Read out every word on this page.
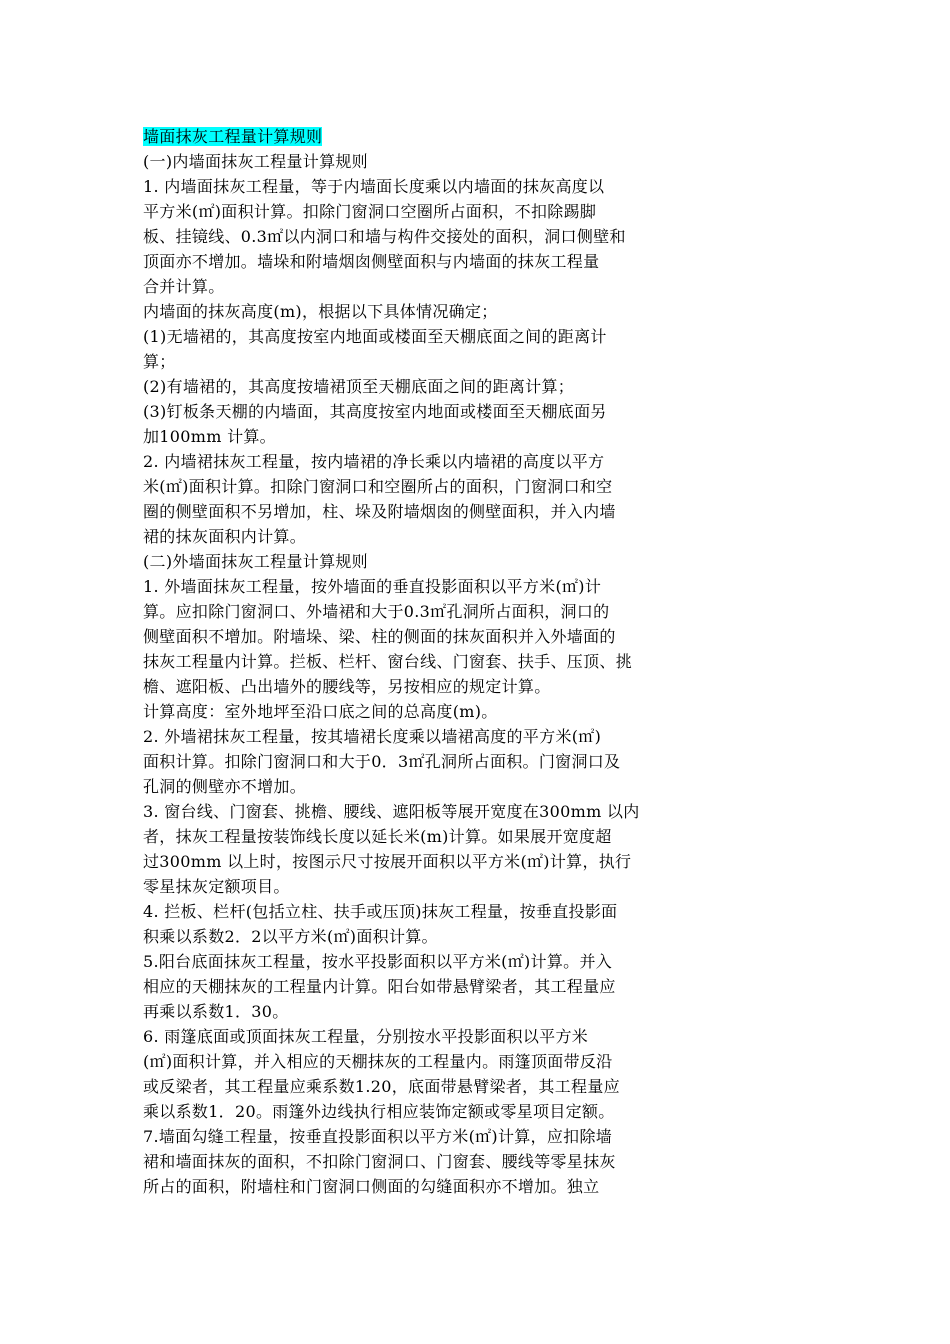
墙面抹灰工程量计算规则
(一)内墙面抹灰工程量计算规则
1. 内墙面抹灰工程量，等于内墙面长度乘以内墙面的抹灰高度以
平方米(㎡)面积计算。扣除门窗洞口空圈所占面积，不扣除踢脚
板、挂镜线、0.3㎡以内洞口和墙与构件交接处的面积，洞口侧壁和
顶面亦不增加。墙垛和附墙烟囱侧壁面积与内墙面的抹灰工程量
合并计算。
内墙面的抹灰高度(m)，根据以下具体情况确定；
(1)无墙裙的，其高度按室内地面或楼面至天棚底面之间的距离计
算；
(2)有墙裙的，其高度按墙裙顶至天棚底面之间的距离计算；
(3)钉板条天棚的内墙面，其高度按室内地面或楼面至天棚底面另
加100mm 计算。
2. 内墙裙抹灰工程量，按内墙裙的净长乘以内墙裙的高度以平方
米(㎡)面积计算。扣除门窗洞口和空圈所占的面积，门窗洞口和空
圈的侧壁面积不另增加，柱、垛及附墙烟囱的侧壁面积，并入内墙
裙的抹灰面积内计算。
(二)外墙面抹灰工程量计算规则
1. 外墙面抹灰工程量，按外墙面的垂直投影面积以平方米(㎡)计
算。应扣除门窗洞口、外墙裙和大于0.3㎡孔洞所占面积，洞口的
侧壁面积不增加。附墙垛、梁、柱的侧面的抹灰面积并入外墙面的
抹灰工程量内计算。拦板、栏杆、窗台线、门窗套、扶手、压顶、挑
檐、遮阳板、凸出墙外的腰线等，另按相应的规定计算。
计算高度：室外地坪至沿口底之间的总高度(m)。
2. 外墙裙抹灰工程量，按其墙裙长度乘以墙裙高度的平方米(㎡)
面积计算。扣除门窗洞口和大于0．3㎡孔洞所占面积。门窗洞口及
孔洞的侧壁亦不增加。
3. 窗台线、门窗套、挑檐、腰线、遮阳板等展开宽度在300mm 以内
者，抹灰工程量按装饰线长度以延长米(m)计算。如果展开宽度超
过300mm 以上时，按图示尺寸按展开面积以平方米(㎡)计算，执行
零星抹灰定额项目。
4. 拦板、栏杆(包括立柱、扶手或压顶)抹灰工程量，按垂直投影面
积乘以系数2．2以平方米(㎡)面积计算。
5.阳台底面抹灰工程量，按水平投影面积以平方米(㎡)计算。并入
相应的天棚抹灰的工程量内计算。阳台如带悬臂梁者，其工程量应
再乘以系数1．30。
6. 雨篷底面或顶面抹灰工程量，分别按水平投影面积以平方米
(㎡)面积计算，并入相应的天棚抹灰的工程量内。雨篷顶面带反沿
或反梁者，其工程量应乘系数1.20，底面带悬臂梁者，其工程量应
乘以系数1．20。雨篷外边线执行相应装饰定额或零星项目定额。
7.墙面勾缝工程量，按垂直投影面积以平方米(㎡)计算，应扣除墙
裙和墙面抹灰的面积，不扣除门窗洞口、门窗套、腰线等零星抹灰
所占的面积，附墙柱和门窗洞口侧面的勾缝面积亦不增加。独立
